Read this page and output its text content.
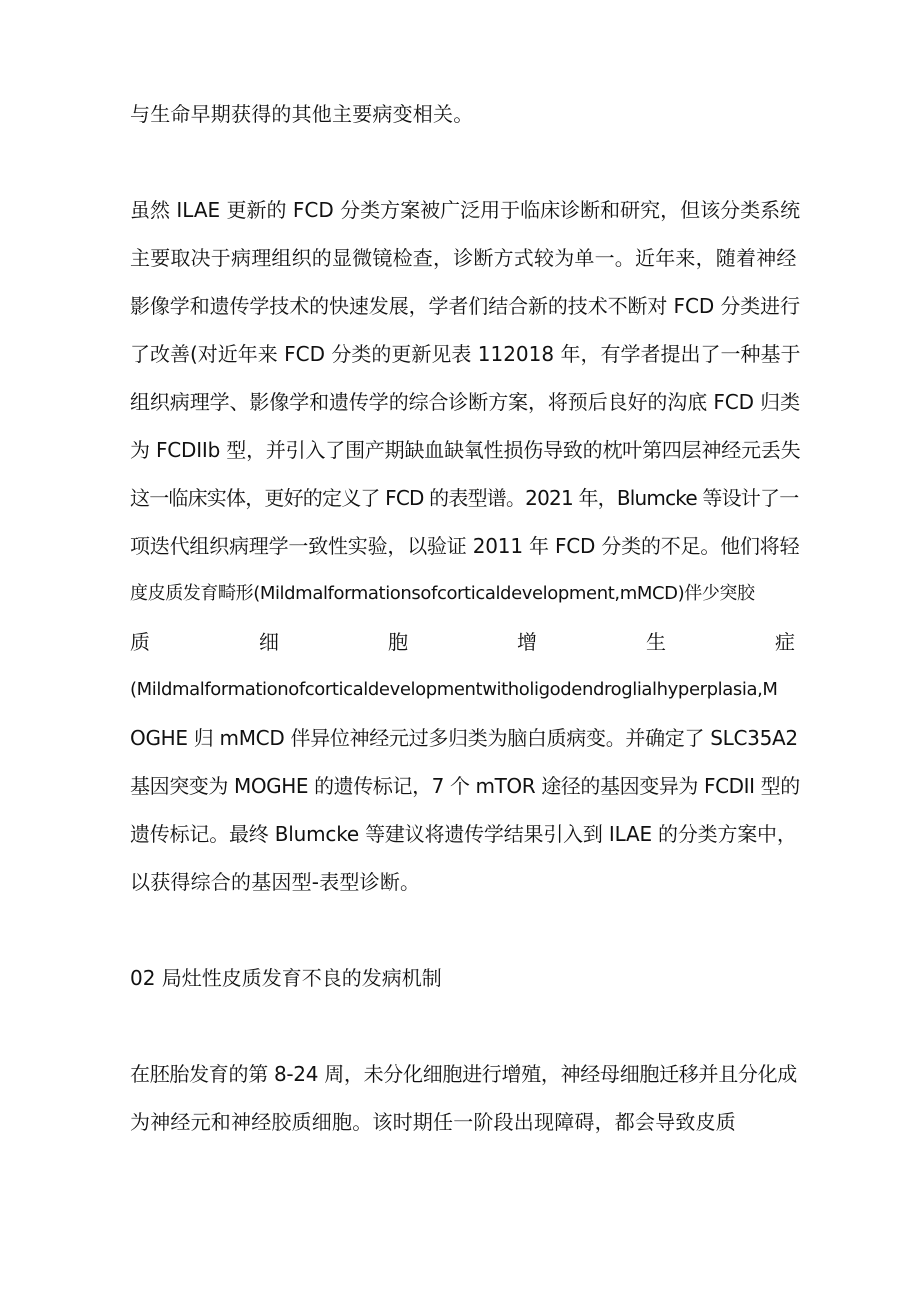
与生命早期获得的其他主要病变相关。
虽然 ILAE 更新的 FCD 分类方案被广泛用于临床诊断和研究，但该分类系统
主要取决于病理组织的显微镜检查，诊断方式较为单一。近年来，随着神经
影像学和遗传学技术的快速发展，学者们结合新的技术不断对 FCD 分类进行
了改善(对近年来 FCD 分类的更新见表 112018 年，有学者提出了一种基于
组织病理学、影像学和遗传学的综合诊断方案，将预后良好的沟底 FCD 归类
为 FCDIIb 型，并引入了围产期缺血缺氧性损伤导致的枕叶第四层神经元丢失
这一临床实体，更好的定义了 FCD 的表型谱。2021 年，Blumcke 等设计了一
项迭代组织病理学一致性实验，以验证 2011 年 FCD 分类的不足。他们将轻
度皮质发育畸形(Mildmalformationsofcorticaldevelopment,mMCD)伴少突胶
质	细	胞	增	生	症
(Mildmalformationofcorticaldevelopmentwitholigodendroglialhyperplasia,M
OGHE 归 mMCD 伴异位神经元过多归类为脑白质病变。并确定了 SLC35A2
基因突变为 MOGHE 的遗传标记，7 个 mTOR 途径的基因变异为 FCDII 型的
遗传标记。最终 Blumcke 等建议将遗传学结果引入到 ILAE 的分类方案中，
以获得综合的基因型-表型诊断。
02 局灶性皮质发育不良的发病机制
在胚胎发育的第 8-24 周，未分化细胞进行增殖，神经母细胞迁移并且分化成
为神经元和神经胶质细胞。该时期任一阶段出现障碍，都会导致皮质
